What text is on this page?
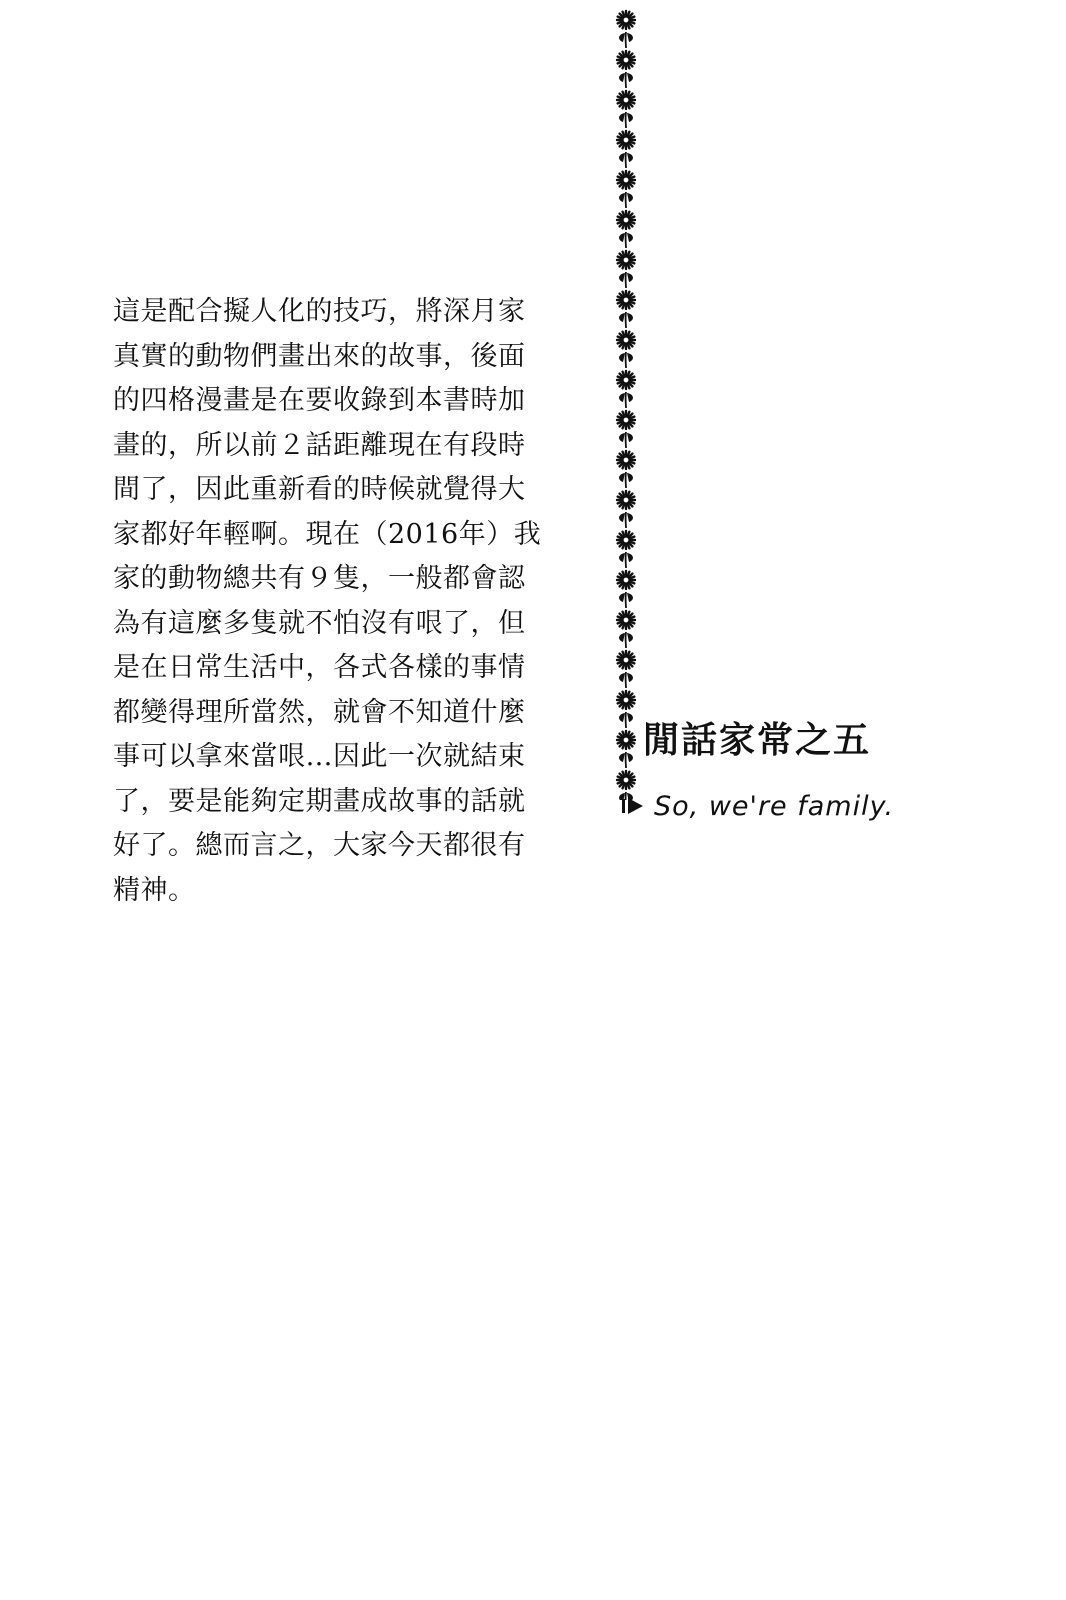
這是配合擬人化的技巧，將深月家
真實的動物們畫出來的故事，後面
的四格漫畫是在要收錄到本書時加
畫的，所以前２話距離現在有段時
間了，因此重新看的時候就覺得大
家都好年輕啊。現在（2016年）我
家的動物總共有９隻，一般都會認
為有這麼多隻就不怕沒有哏了，但
是在日常生活中，各式各樣的事情
都變得理所當然，就會不知道什麼
事可以拿來當哏…因此一次就結束
了，要是能夠定期畫成故事的話就
好了。總而言之，大家今天都很有
精神。
閒話家常之五
So, we're family.
